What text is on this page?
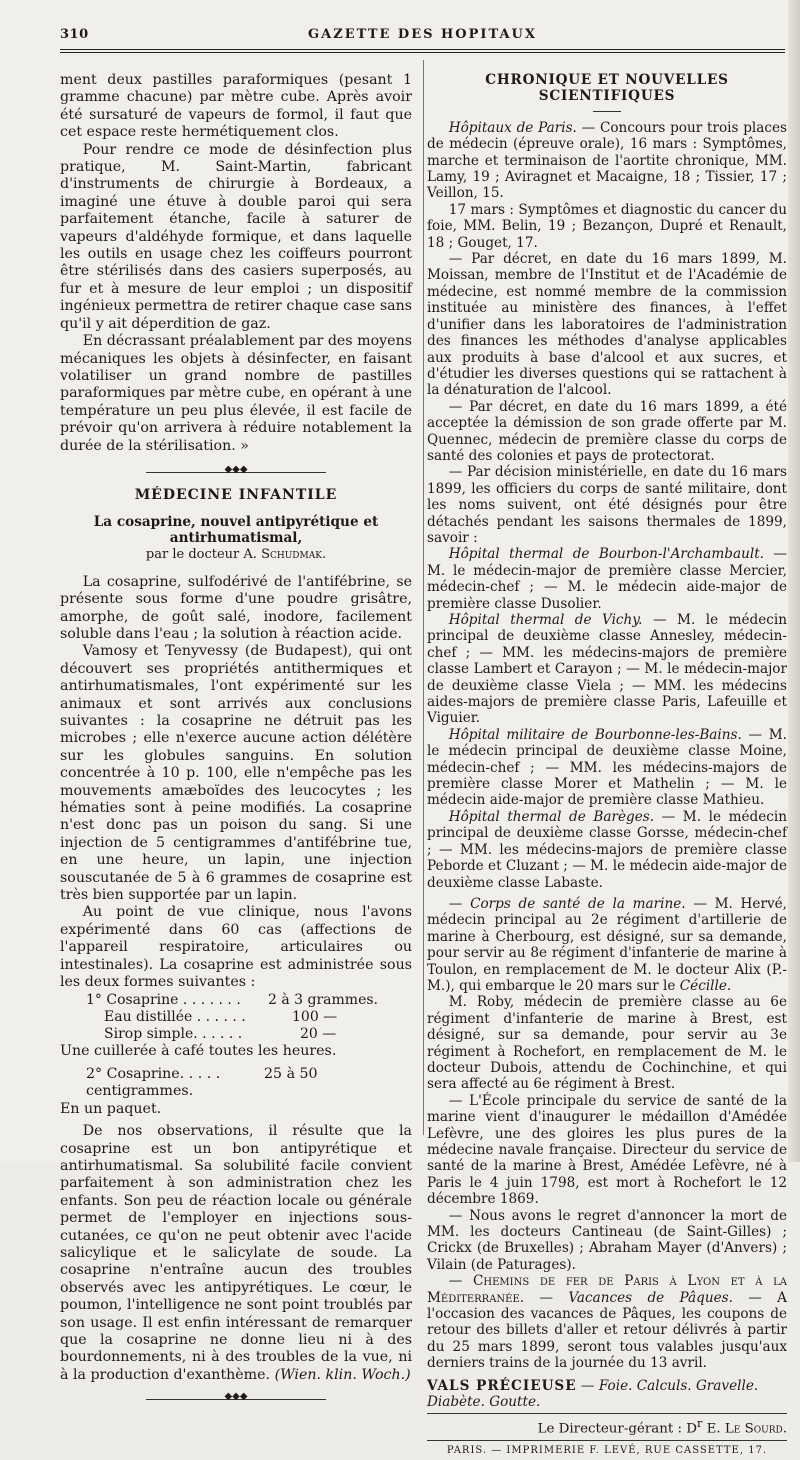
310	GAZETTE DES HOPITAUX

ment deux pastilles paraformiques (pesant 1 gramme chacune) par mètre cube. Après avoir été sursaturé de vapeurs de formol, il faut que cet espace reste hermétiquement clos.

Pour rendre ce mode de désinfection plus pratique, M. Saint-Martin, fabricant d'instruments de chirurgie à Bordeaux, a imaginé une étuve à double paroi qui sera parfaitement étanche, facile à saturer de vapeurs d'aldéhyde formique, et dans laquelle les outils en usage chez les coiffeurs pourront être stérilisés dans des casiers superposés, au fur et à mesure de leur emploi ; un dispositif ingénieux permettra de retirer chaque case sans qu'il y ait déperdition de gaz.

En décrassant préalablement par des moyens mécaniques les objets à désinfecter, en faisant volatiliser un grand nombre de pastilles paraformiques par mètre cube, en opérant à une température un peu plus élevée, il est facile de prévoir qu'on arrivera à réduire notablement la durée de la stérilisation. »

◆◆◆
MÉDECINE INFANTILE
La cosaprine, nouvel antipyrétique et antirhumatismal,
par le docteur A. Schudmak.

La cosaprine, sulfodérivé de l'antifébrine, se présente sous forme d'une poudre grisâtre, amorphe, de goût salé, inodore, facilement soluble dans l'eau ; la solution à réaction acide.

Vamosy et Tenyvessy (de Budapest), qui ont découvert ses propriétés antithermiques et antirhumatismales, l'ont expérimenté sur les animaux et sont arrivés aux conclusions suivantes : la cosaprine ne détruit pas les microbes ; elle n'exerce aucune action délétère sur les globules sanguins. En solution concentrée à 10 p. 100, elle n'empêche pas les mouvements amæboïdes des leucocytes ; les hématies sont à peine modifiés. La cosaprine n'est donc pas un poison du sang. Si une injection de 5 centigrammes d'antifébrine tue, en une heure, un lapin, une injection souscutanée de 5 à 6 grammes de cosaprine est très bien supportée par un lapin.

Au point de vue clinique, nous l'avons expérimenté dans 60 cas (affections de l'appareil respiratoire, articulaires ou intestinales). La cosaprine est administrée sous les deux formes suivantes :

1° Cosaprine . . . . . . .	2 à 3 grammes.
Eau distillée . . . . . .	100 —
Sirop simple. . . . . .	20 —

Une cuillerée à café toutes les heures.

2° Cosaprine. . . . .	25 à 50 centigrammes.

En un paquet.

De nos observations, il résulte que la cosaprine est un bon antipyrétique et antirhumatismal. Sa solubilité facile convient parfaitement à son administration chez les enfants. Son peu de réaction locale ou générale permet de l'employer en injections sous-cutanées, ce qu'on ne peut obtenir avec l'acide salicylique et le salicylate de soude. La cosaprine n'entraîne aucun des troubles observés avec les antipyrétiques. Le cœur, le poumon, l'intelligence ne sont point troublés par son usage. Il est enfin intéressant de remarquer que la cosaprine ne donne lieu ni à des bourdonnements, ni à des troubles de la vue, ni à la production d'exanthème. (Wien. klin. Woch.)

◆◆◆
CHRONIQUE ET NOUVELLES SCIENTIFIQUES

Hôpitaux de Paris. — Concours pour trois places de médecin (épreuve orale), 16 mars : Symptômes, marche et terminaison de l'aortite chronique, MM. Lamy, 19 ; Aviragnet et Macaigne, 18 ; Tissier, 17 ; Veillon, 15.

17 mars : Symptômes et diagnostic du cancer du foie, MM. Belin, 19 ; Bezançon, Dupré et Renault, 18 ; Gouget, 17.

— Par décret, en date du 16 mars 1899, M. Moissan, membre de l'Institut et de l'Académie de médecine, est nommé membre de la commission instituée au ministère des finances, à l'effet d'unifier dans les laboratoires de l'administration des finances les méthodes d'analyse applicables aux produits à base d'alcool et aux sucres, et d'étudier les diverses questions qui se rattachent à la dénaturation de l'alcool.

— Par décret, en date du 16 mars 1899, a été acceptée la démission de son grade offerte par M. Quennec, médecin de première classe du corps de santé des colonies et pays de protectorat.

— Par décision ministérielle, en date du 16 mars 1899, les officiers du corps de santé militaire, dont les noms suivent, ont été désignés pour être détachés pendant les saisons thermales de 1899, savoir :

Hôpital thermal de Bourbon-l'Archambault. — M. le médecin-major de première classe Mercier, médecin-chef ; — M. le médecin aide-major de première classe Dusolier.

Hôpital thermal de Vichy. — M. le médecin principal de deuxième classe Annesley, médecin-chef ; — MM. les médecins-majors de première classe Lambert et Carayon ; — M. le médecin-major de deuxième classe Viela ; — MM. les médecins aides-majors de première classe Paris, Lafeuille et Viguier.

Hôpital militaire de Bourbonne-les-Bains. — M. le médecin principal de deuxième classe Moine, médecin-chef ; — MM. les médecins-majors de première classe Morer et Mathelin ; — M. le médecin aide-major de première classe Mathieu.

Hôpital thermal de Barèges. — M. le médecin principal de deuxième classe Gorsse, médecin-chef ; — MM. les médecins-majors de première classe Peborde et Cluzant ; — M. le médecin aide-major de deuxième classe Labaste.

— Corps de santé de la marine. — M. Hervé, médecin principal au 2e régiment d'artillerie de marine à Cherbourg, est désigné, sur sa demande, pour servir au 8e régiment d'infanterie de marine à Toulon, en remplacement de M. le docteur Alix (P.-M.), qui embarque le 20 mars sur le Cécille.

M. Roby, médecin de première classe au 6e régiment d'infanterie de marine à Brest, est désigné, sur sa demande, pour servir au 3e régiment à Rochefort, en remplacement de M. le docteur Dubois, attendu de Cochinchine, et qui sera affecté au 6e régiment à Brest.

— L'École principale du service de santé de la marine vient d'inaugurer le médaillon d'Amédée Lefèvre, une des gloires les plus pures de la médecine navale française. Directeur du service de santé de la marine à Brest, Amédée Lefèvre, né à Paris le 4 juin 1798, est mort à Rochefort le 12 décembre 1869.

— Nous avons le regret d'annoncer la mort de MM. les docteurs Cantineau (de Saint-Gilles) ; Crickx (de Bruxelles) ; Abraham Mayer (d'Anvers) ; Vilain (de Paturages).

— Chemins de fer de Paris à Lyon et à la Méditerranée. — Vacances de Pâques. — A l'occasion des vacances de Pâques, les coupons de retour des billets d'aller et retour délivrés à partir du 25 mars 1899, seront tous valables jusqu'aux derniers trains de la journée du 13 avril.

VALS PRÉCIEUSE — Foie. Calculs. Gravelle. Diabète. Goutte.
Le Directeur-gérant : $D^r$ E. Le Sourd.
PARIS. — IMPRIMERIE F. LEVÉ, RUE CASSETTE, 17.
